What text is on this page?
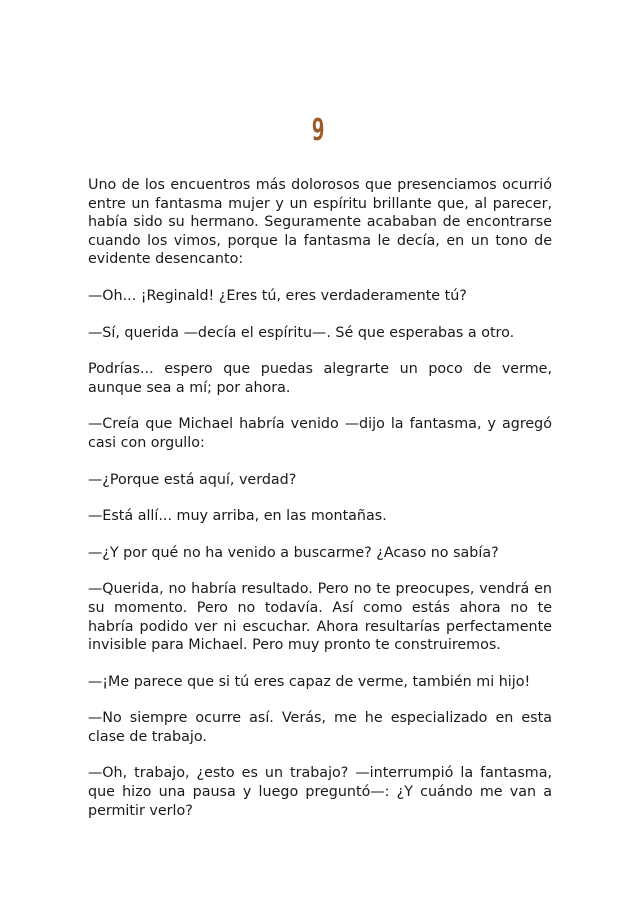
9

Uno de los encuentros más dolorosos que presenciamos ocurrió entre un fantasma mujer y un espíritu brillante que, al parecer, había sido su hermano. Seguramente acababan de encontrarse cuando los vimos, porque la fantasma le decía, en un tono de evidente desencanto:

—Oh... ¡Reginald! ¿Eres tú, eres verdaderamente tú?

—Sí, querida —decía el espíritu—. Sé que esperabas a otro.

Podrías... espero que puedas alegrarte un poco de verme, aunque sea a mí; por ahora.

—Creía que Michael habría venido —dijo la fantasma, y agregó casi con orgullo:

—¿Porque está aquí, verdad?

—Está allí... muy arriba, en las montañas.

—¿Y por qué no ha venido a buscarme? ¿Acaso no sabía?

—Querida, no habría resultado. Pero no te preocupes, vendrá en su momento. Pero no todavía. Así como estás ahora no te habría podido ver ni escuchar. Ahora resultarías perfectamente invisible para Michael. Pero muy pronto te construiremos.

—¡Me parece que si tú eres capaz de verme, también mi hijo!

—No siempre ocurre así. Verás, me he especializado en esta clase de trabajo.

—Oh, trabajo, ¿esto es un trabajo? —interrumpió la fantasma, que hizo una pausa y luego preguntó—: ¿Y cuándo me van a permitir verlo?
